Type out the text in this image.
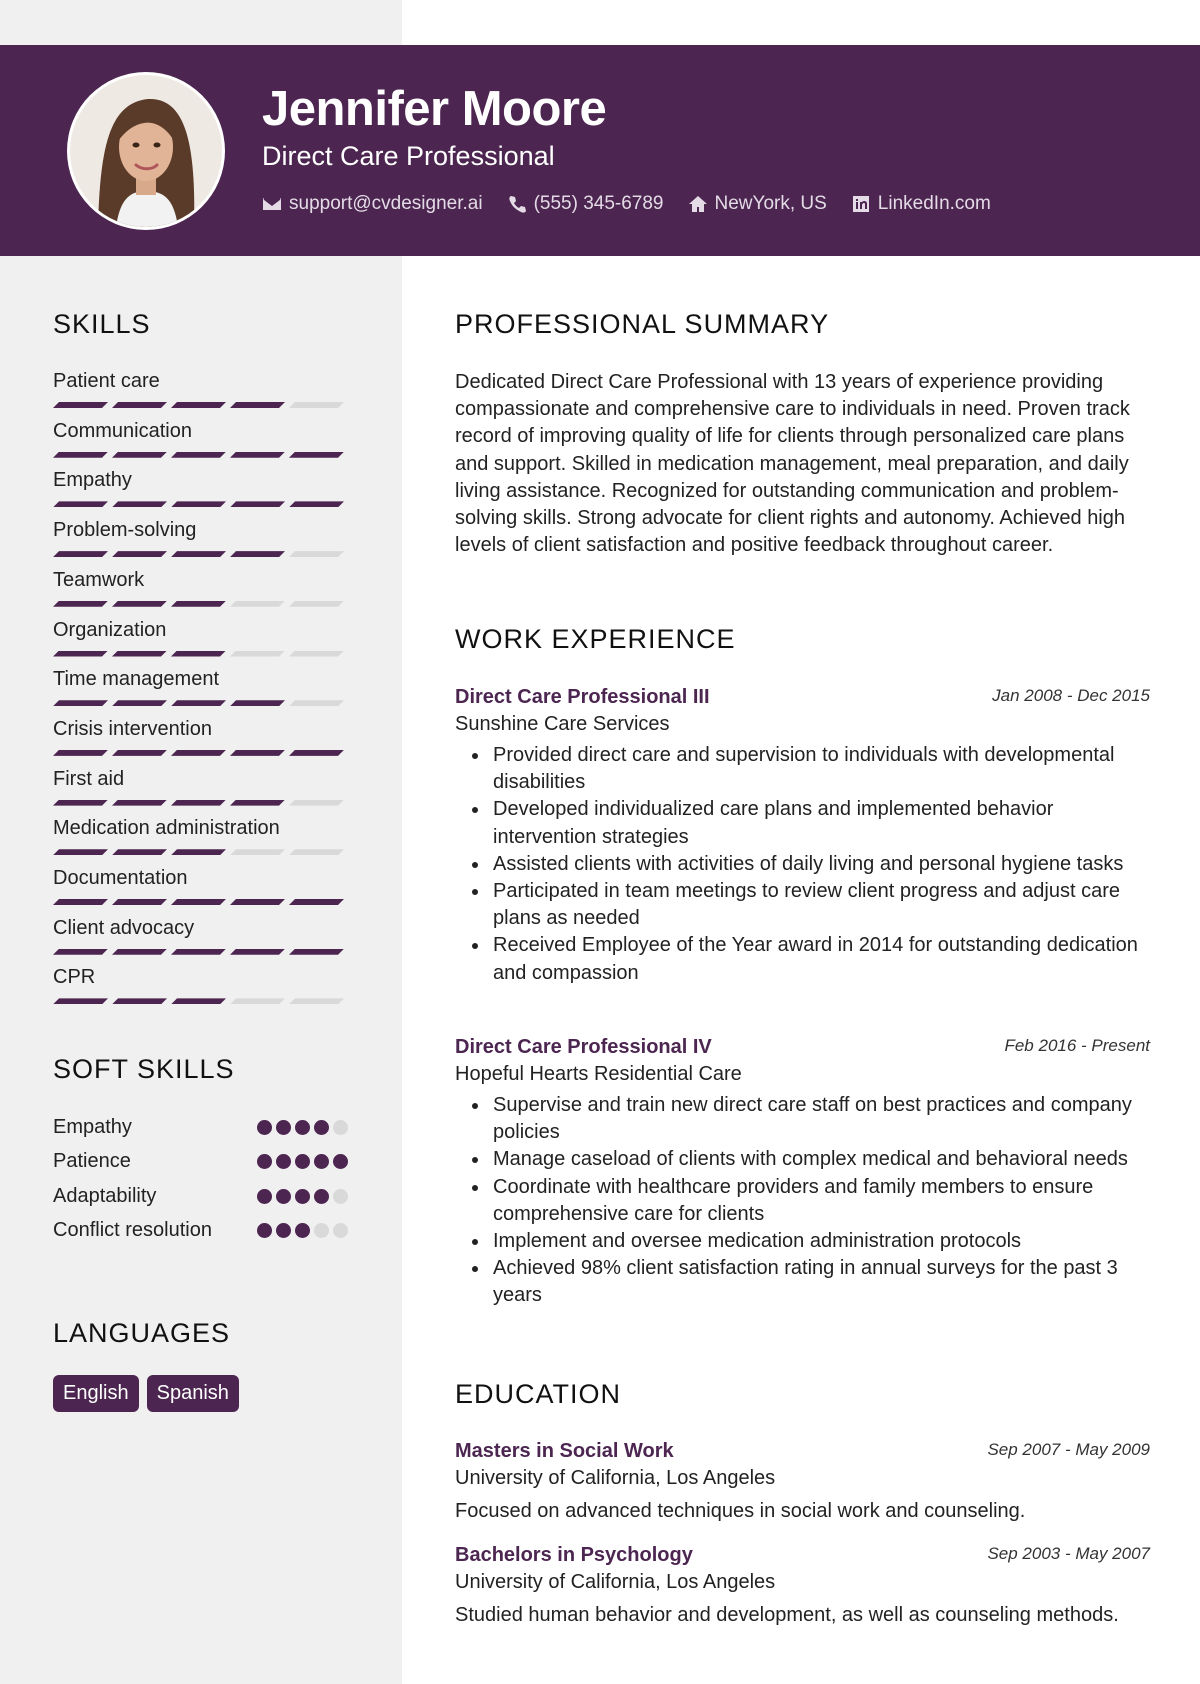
Jennifer Moore
Direct Care Professional
support@cvdesigner.ai	(555) 345-6789	NewYork, US	LinkedIn.com
SKILLS
Patient care
Communication
Empathy
Problem-solving
Teamwork
Organization
Time management
Crisis intervention
First aid
Medication administration
Documentation
Client advocacy
CPR
SOFT SKILLS
Empathy
Patience
Adaptability
Conflict resolution
LANGUAGES
English	Spanish
PROFESSIONAL SUMMARY
Dedicated Direct Care Professional with 13 years of experience providing compassionate and comprehensive care to individuals in need. Proven track record of improving quality of life for clients through personalized care plans and support. Skilled in medication management, meal preparation, and daily living assistance. Recognized for outstanding communication and problem-solving skills. Strong advocate for client rights and autonomy. Achieved high levels of client satisfaction and positive feedback throughout career.
WORK EXPERIENCE
Direct Care Professional III	Jan 2008 - Dec 2015
Sunshine Care Services
Provided direct care and supervision to individuals with developmental disabilities
Developed individualized care plans and implemented behavior intervention strategies
Assisted clients with activities of daily living and personal hygiene tasks
Participated in team meetings to review client progress and adjust care plans as needed
Received Employee of the Year award in 2014 for outstanding dedication and compassion
Direct Care Professional IV	Feb 2016 - Present
Hopeful Hearts Residential Care
Supervise and train new direct care staff on best practices and company policies
Manage caseload of clients with complex medical and behavioral needs
Coordinate with healthcare providers and family members to ensure comprehensive care for clients
Implement and oversee medication administration protocols
Achieved 98% client satisfaction rating in annual surveys for the past 3 years
EDUCATION
Masters in Social Work	Sep 2007 - May 2009
University of California, Los Angeles
Focused on advanced techniques in social work and counseling.
Bachelors in Psychology	Sep 2003 - May 2007
University of California, Los Angeles
Studied human behavior and development, as well as counseling methods.
